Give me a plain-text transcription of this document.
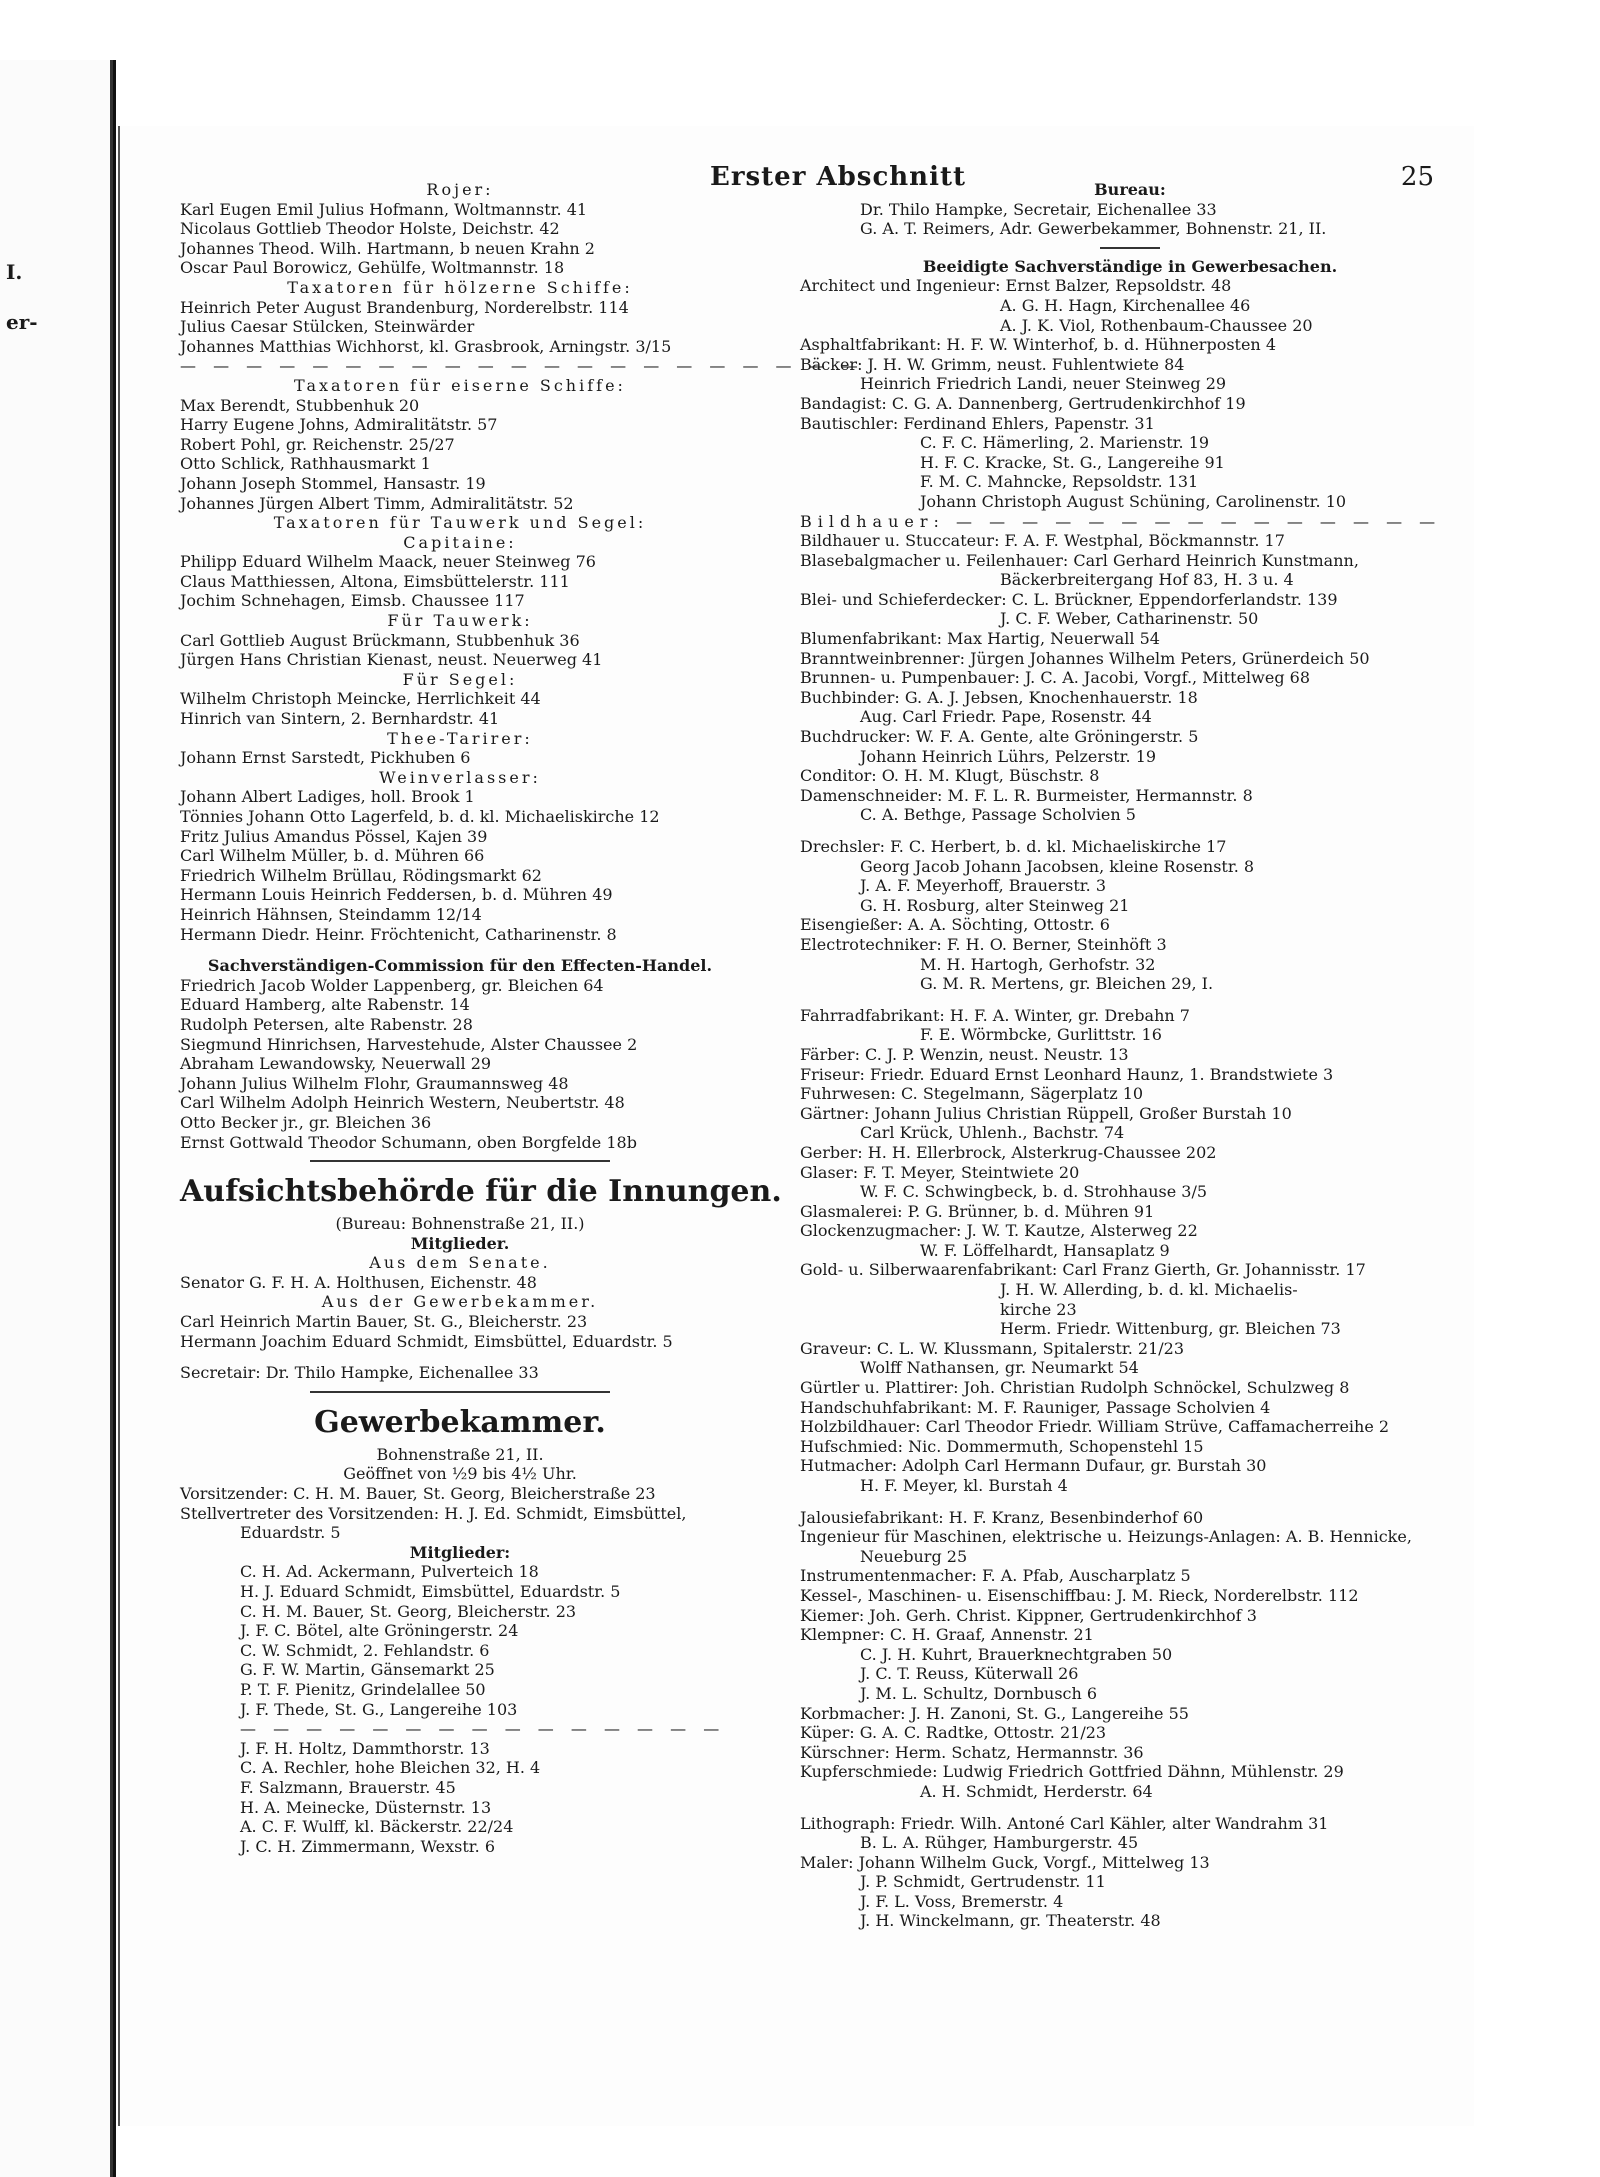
I.
er-
Erster Abschnitt	25
Rojer:
Karl Eugen Emil Julius Hofmann, Woltmannstr. 41
Nicolaus Gottlieb Theodor Holste, Deichstr. 42
Johannes Theod. Wilh. Hartmann, b neuen Krahn 2
Oscar Paul Borowicz, Gehülfe, Woltmannstr. 18
Taxatoren für hölzerne Schiffe:
Heinrich Peter August Brandenburg, Norderelbstr. 114
Julius Caesar Stülcken, Steinwärder
Johannes Matthias Wichhorst, kl. Grasbrook, Arningstr. 3/15
— — — — — — — — — — — — — — — — — — — — —
Taxatoren für eiserne Schiffe:
Max Berendt, Stubbenhuk 20
Harry Eugene Johns, Admiralitätstr. 57
Robert Pohl, gr. Reichenstr. 25/27
Otto Schlick, Rathhausmarkt 1
Johann Joseph Stommel, Hansastr. 19
Johannes Jürgen Albert Timm, Admiralitätstr. 52
Taxatoren für Tauwerk und Segel:
Capitaine:
Philipp Eduard Wilhelm Maack, neuer Steinweg 76
Claus Matthiessen, Altona, Eimsbüttelerstr. 111
Jochim Schnehagen, Eimsb. Chaussee 117
Für Tauwerk:
Carl Gottlieb August Brückmann, Stubbenhuk 36
Jürgen Hans Christian Kienast, neust. Neuerweg 41
Für Segel:
Wilhelm Christoph Meincke, Herrlichkeit 44
Hinrich van Sintern, 2. Bernhardstr. 41
Thee-Tarirer:
Johann Ernst Sarstedt, Pickhuben 6
Weinverlasser:
Johann Albert Ladiges, holl. Brook 1
Tönnies Johann Otto Lagerfeld, b. d. kl. Michaeliskirche 12
Fritz Julius Amandus Pössel, Kajen 39
Carl Wilhelm Müller, b. d. Mühren 66
Friedrich Wilhelm Brüllau, Rödingsmarkt 62
Hermann Louis Heinrich Feddersen, b. d. Mühren 49
Heinrich Hähnsen, Steindamm 12/14
Hermann Diedr. Heinr. Fröchtenicht, Catharinenstr. 8
Sachverständigen-Commission für den Effecten-Handel.
Friedrich Jacob Wolder Lappenberg, gr. Bleichen 64
Eduard Hamberg, alte Rabenstr. 14
Rudolph Petersen, alte Rabenstr. 28
Siegmund Hinrichsen, Harvestehude, Alster Chaussee 2
Abraham Lewandowsky, Neuerwall 29
Johann Julius Wilhelm Flohr, Graumannsweg 48
Carl Wilhelm Adolph Heinrich Western, Neubertstr. 48
Otto Becker jr., gr. Bleichen 36
Ernst Gottwald Theodor Schumann, oben Borgfelde 18b
Aufsichtsbehörde für die Innungen.
(Bureau: Bohnenstraße 21, II.)
Mitglieder.
Aus dem Senate.
Senator G. F. H. A. Holthusen, Eichenstr. 48
Aus der Gewerbekammer.
Carl Heinrich Martin Bauer, St. G., Bleicherstr. 23
Hermann Joachim Eduard Schmidt, Eimsbüttel, Eduardstr. 5
Secretair: Dr. Thilo Hampke, Eichenallee 33
Gewerbekammer.
Bohnenstraße 21, II.
Geöffnet von ½9 bis 4½ Uhr.
Vorsitzender: C. H. M. Bauer, St. Georg, Bleicherstraße 23
Stellvertreter des Vorsitzenden: H. J. Ed. Schmidt, Eimsbüttel,
Eduardstr. 5
Mitglieder:
C. H. Ad. Ackermann, Pulverteich 18
H. J. Eduard Schmidt, Eimsbüttel, Eduardstr. 5
C. H. M. Bauer, St. Georg, Bleicherstr. 23
J. F. C. Bötel, alte Gröningerstr. 24
C. W. Schmidt, 2. Fehlandstr. 6
G. F. W. Martin, Gänsemarkt 25
P. T. F. Pienitz, Grindelallee 50
J. F. Thede, St. G., Langereihe 103
— — — — — — — — — — — — — — —
J. F. H. Holtz, Dammthorstr. 13
C. A. Rechler, hohe Bleichen 32, H. 4
F. Salzmann, Brauerstr. 45
H. A. Meinecke, Düsternstr. 13
A. C. F. Wulff, kl. Bäckerstr. 22/24
J. C. H. Zimmermann, Wexstr. 6
Bureau:
Dr. Thilo Hampke, Secretair, Eichenallee 33
G. A. T. Reimers, Adr. Gewerbekammer, Bohnenstr. 21, II.
Beeidigte Sachverständige in Gewerbesachen.
Architect und Ingenieur: Ernst Balzer, Repsoldstr. 48
A. G. H. Hagn, Kirchenallee 46
A. J. K. Viol, Rothenbaum-Chaussee 20
Asphaltfabrikant: H. F. W. Winterhof, b. d. Hühnerposten 4
Bäcker: J. H. W. Grimm, neust. Fuhlentwiete 84
Heinrich Friedrich Landi, neuer Steinweg 29
Bandagist: C. G. A. Dannenberg, Gertrudenkirchhof 19
Bautischler: Ferdinand Ehlers, Papenstr. 31
C. F. C. Hämerling, 2. Marienstr. 19
H. F. C. Kracke, St. G., Langereihe 91
F. M. C. Mahncke, Repsoldstr. 131
Johann Christoph August Schüning, Carolinenstr. 10
Bildhauer: — — — — — — — — — — — — — — —
Bildhauer u. Stuccateur: F. A. F. Westphal, Böckmannstr. 17
Blasebalgmacher u. Feilenhauer: Carl Gerhard Heinrich Kunstmann,
Bäckerbreitergang Hof 83, H. 3 u. 4
Blei- und Schieferdecker: C. L. Brückner, Eppendorferlandstr. 139
J. C. F. Weber, Catharinenstr. 50
Blumenfabrikant: Max Hartig, Neuerwall 54
Branntweinbrenner: Jürgen Johannes Wilhelm Peters, Grünerdeich 50
Brunnen- u. Pumpenbauer: J. C. A. Jacobi, Vorgf., Mittelweg 68
Buchbinder: G. A. J. Jebsen, Knochenhauerstr. 18
Aug. Carl Friedr. Pape, Rosenstr. 44
Buchdrucker: W. F. A. Gente, alte Gröningerstr. 5
Johann Heinrich Lührs, Pelzerstr. 19
Conditor: O. H. M. Klugt, Büschstr. 8
Damenschneider: M. F. L. R. Burmeister, Hermannstr. 8
C. A. Bethge, Passage Scholvien 5
Drechsler: F. C. Herbert, b. d. kl. Michaeliskirche 17
Georg Jacob Johann Jacobsen, kleine Rosenstr. 8
J. A. F. Meyerhoff, Brauerstr. 3
G. H. Rosburg, alter Steinweg 21
Eisengießer: A. A. Söchting, Ottostr. 6
Electrotechniker: F. H. O. Berner, Steinhöft 3
M. H. Hartogh, Gerhofstr. 32
G. M. R. Mertens, gr. Bleichen 29, I.
Fahrradfabrikant: H. F. A. Winter, gr. Drebahn 7
F. E. Wörmbcke, Gurlittstr. 16
Färber: C. J. P. Wenzin, neust. Neustr. 13
Friseur: Friedr. Eduard Ernst Leonhard Haunz, 1. Brandstwiete 3
Fuhrwesen: C. Stegelmann, Sägerplatz 10
Gärtner: Johann Julius Christian Rüppell, Großer Burstah 10
Carl Krück, Uhlenh., Bachstr. 74
Gerber: H. H. Ellerbrock, Alsterkrug-Chaussee 202
Glaser: F. T. Meyer, Steintwiete 20
W. F. C. Schwingbeck, b. d. Strohhause 3/5
Glasmalerei: P. G. Brünner, b. d. Mühren 91
Glockenzugmacher: J. W. T. Kautze, Alsterweg 22
W. F. Löffelhardt, Hansaplatz 9
Gold- u. Silberwaarenfabrikant: Carl Franz Gierth, Gr. Johannisstr. 17
J. H. W. Allerding, b. d. kl. Michaelis-
kirche 23
Herm. Friedr. Wittenburg, gr. Bleichen 73
Graveur: C. L. W. Klussmann, Spitalerstr. 21/23
Wolff Nathansen, gr. Neumarkt 54
Gürtler u. Plattirer: Joh. Christian Rudolph Schnöckel, Schulzweg 8
Handschuhfabrikant: M. F. Rauniger, Passage Scholvien 4
Holzbildhauer: Carl Theodor Friedr. William Strüve, Caffamacherreihe 2
Hufschmied: Nic. Dommermuth, Schopenstehl 15
Hutmacher: Adolph Carl Hermann Dufaur, gr. Burstah 30
H. F. Meyer, kl. Burstah 4
Jalousiefabrikant: H. F. Kranz, Besenbinderhof 60
Ingenieur für Maschinen, elektrische u. Heizungs-Anlagen: A. B. Hennicke,
Neueburg 25
Instrumentenmacher: F. A. Pfab, Auscharplatz 5
Kessel-, Maschinen- u. Eisenschiffbau: J. M. Rieck, Norderelbstr. 112
Kiemer: Joh. Gerh. Christ. Kippner, Gertrudenkirchhof 3
Klempner: C. H. Graaf, Annenstr. 21
C. J. H. Kuhrt, Brauerknechtgraben 50
J. C. T. Reuss, Küterwall 26
J. M. L. Schultz, Dornbusch 6
Korbmacher: J. H. Zanoni, St. G., Langereihe 55
Küper: G. A. C. Radtke, Ottostr. 21/23
Kürschner: Herm. Schatz, Hermannstr. 36
Kupferschmiede: Ludwig Friedrich Gottfried Dähnn, Mühlenstr. 29
A. H. Schmidt, Herderstr. 64
Lithograph: Friedr. Wilh. Antoné Carl Kähler, alter Wandrahm 31
B. L. A. Rühger, Hamburgerstr. 45
Maler: Johann Wilhelm Guck, Vorgf., Mittelweg 13
J. P. Schmidt, Gertrudenstr. 11
J. F. L. Voss, Bremerstr. 4
J. H. Winckelmann, gr. Theaterstr. 48
